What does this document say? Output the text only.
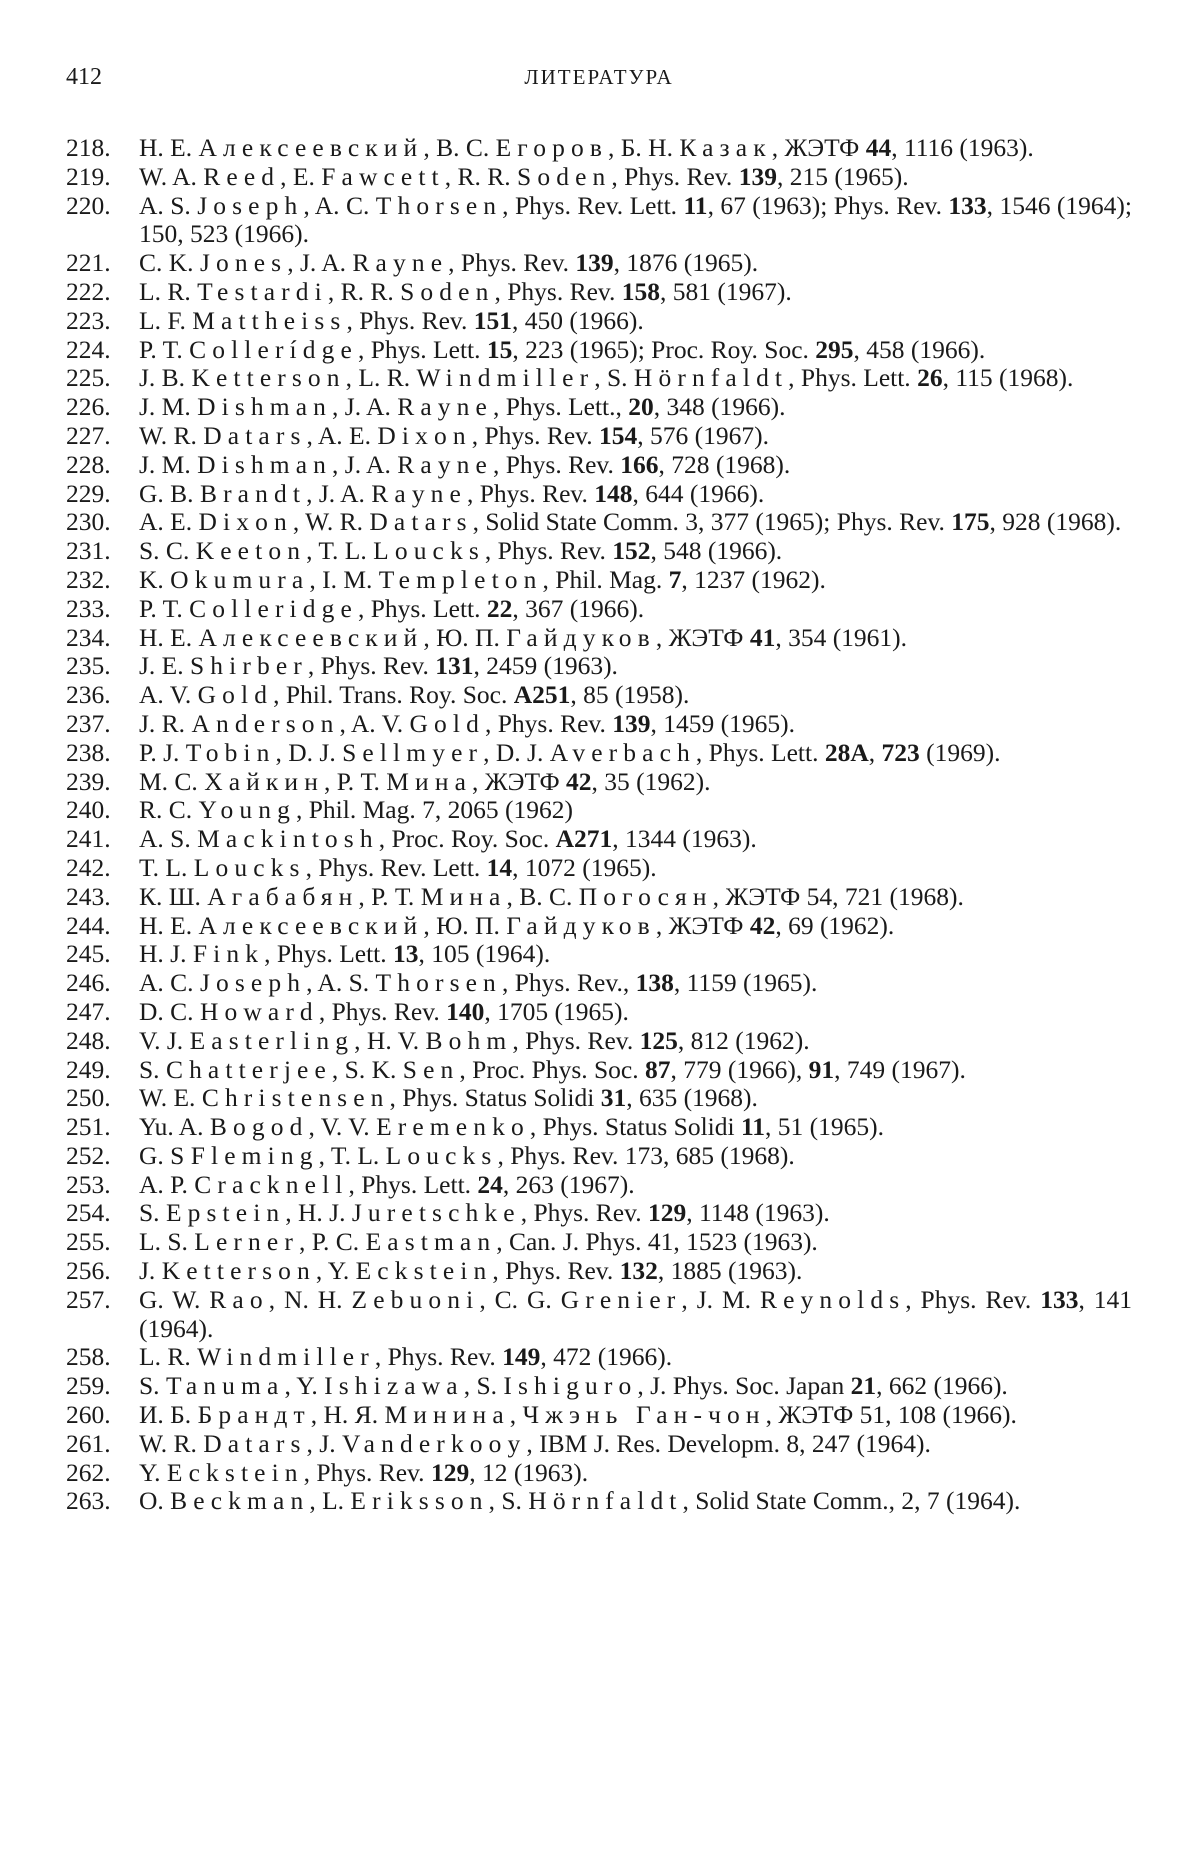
412	ЛИТЕРАТУРА
218.	Н. Е. Алексеевский, В. С. Егоров, Б. Н. Казак, ЖЭТФ 44, 1116 (1963).
219.	W. A. Reed, E. Fawcett, R. R. Soden, Phys. Rev. 139, 215 (1965).
220.	A. S. Joseph, A. C. Thorsen, Phys. Rev. Lett. 11, 67 (1963); Phys. Rev. 133, 1546 (1964); 150, 523 (1966).
221.	C. K. Jones, J. A. Rayne, Phys. Rev. 139, 1876 (1965).
222.	L. R. Testardi, R. R. Soden, Phys. Rev. 158, 581 (1967).
223.	L. F. Mattheiss, Phys. Rev. 151, 450 (1966).
224.	P. T. Collerídge, Phys. Lett. 15, 223 (1965); Proc. Roy. Soc. 295, 458 (1966).
225.	J. B. Ketterson, L. R. Windmiller, S. Hörnfaldt, Phys. Lett. 26, 115 (1968).
226.	J. M. Dishman, J. A. Rayne, Phys. Lett., 20, 348 (1966).
227.	W. R. Datars, A. E. Dixon, Phys. Rev. 154, 576 (1967).
228.	J. M. Dishman, J. A. Rayne, Phys. Rev. 166, 728 (1968).
229.	G. B. Brandt, J. A. Rayne, Phys. Rev. 148, 644 (1966).
230.	A. E. Dixon, W. R. Datars, Solid State Comm. 3, 377 (1965); Phys. Rev. 175, 928 (1968).
231.	S. C. Keeton, T. L. Loucks, Phys. Rev. 152, 548 (1966).
232.	K. Okumura, I. M. Templeton, Phil. Mag. 7, 1237 (1962).
233.	P. T. Colleridge, Phys. Lett. 22, 367 (1966).
234.	Н. Е. Алексеевский, Ю. П. Гайдуков, ЖЭТФ 41, 354 (1961).
235.	J. E. Shirber, Phys. Rev. 131, 2459 (1963).
236.	A. V. Gold, Phil. Trans. Roy. Soc. A251, 85 (1958).
237.	J. R. Anderson, A. V. Gold, Phys. Rev. 139, 1459 (1965).
238.	P. J. Tobin, D. J. Sellmyer, D. J. Averbach, Phys. Lett. 28A, 723 (1969).
239.	М. С. Хайкин, Р. Т. Мина, ЖЭТФ 42, 35 (1962).
240.	R. C. Young, Phil. Mag. 7, 2065 (1962)
241.	A. S. Mackintosh, Proc. Roy. Soc. A271, 1344 (1963).
242.	T. L. Loucks, Phys. Rev. Lett. 14, 1072 (1965).
243.	К. Ш. Агабабян, Р. Т. Мина, В. С. Погосян, ЖЭТФ 54, 721 (1968).
244.	Н. Е. Алексеевский, Ю. П. Гайдуков, ЖЭТФ 42, 69 (1962).
245.	H. J. Fink, Phys. Lett. 13, 105 (1964).
246.	A. C. Joseph, A. S. Thorsen, Phys. Rev., 138, 1159 (1965).
247.	D. C. Howard, Phys. Rev. 140, 1705 (1965).
248.	V. J. Easterling, H. V. Bohm, Phys. Rev. 125, 812 (1962).
249.	S. Chatterjee, S. K. Sen, Proc. Phys. Soc. 87, 779 (1966), 91, 749 (1967).
250.	W. E. Christensen, Phys. Status Solidi 31, 635 (1968).
251.	Yu. A. Bogod, V. V. Eremenko, Phys. Status Solidi 11, 51 (1965).
252.	G. S Fleming, T. L. Loucks, Phys. Rev. 173, 685 (1968).
253.	A. P. Cracknell, Phys. Lett. 24, 263 (1967).
254.	S. Epstein, H. J. Juretschke, Phys. Rev. 129, 1148 (1963).
255.	L. S. Lerner, P. C. Eastman, Can. J. Phys. 41, 1523 (1963).
256.	J. Ketterson, Y. Eckstein, Phys. Rev. 132, 1885 (1963).
257.	G. W. Rao, N. H. Zebuoni, C. G. Grenier, J. M. Reynolds, Phys. Rev. 133, 141 (1964).
258.	L. R. Windmiller, Phys. Rev. 149, 472 (1966).
259.	S. Tanuma, Y. Ishizawa, S. Ishiguro, J. Phys. Soc. Japan 21, 662 (1966).
260.	И. Б. Брандт, Н. Я. Минина, Чжэнь Ган-чон, ЖЭТФ 51, 108 (1966).
261.	W. R. Datars, J. Vanderkooy, IBM J. Res. Developm. 8, 247 (1964).
262.	Y. Eckstein, Phys. Rev. 129, 12 (1963).
263.	O. Beckman, L. Eriksson, S. Hörnfaldt, Solid State Comm., 2, 7 (1964).
